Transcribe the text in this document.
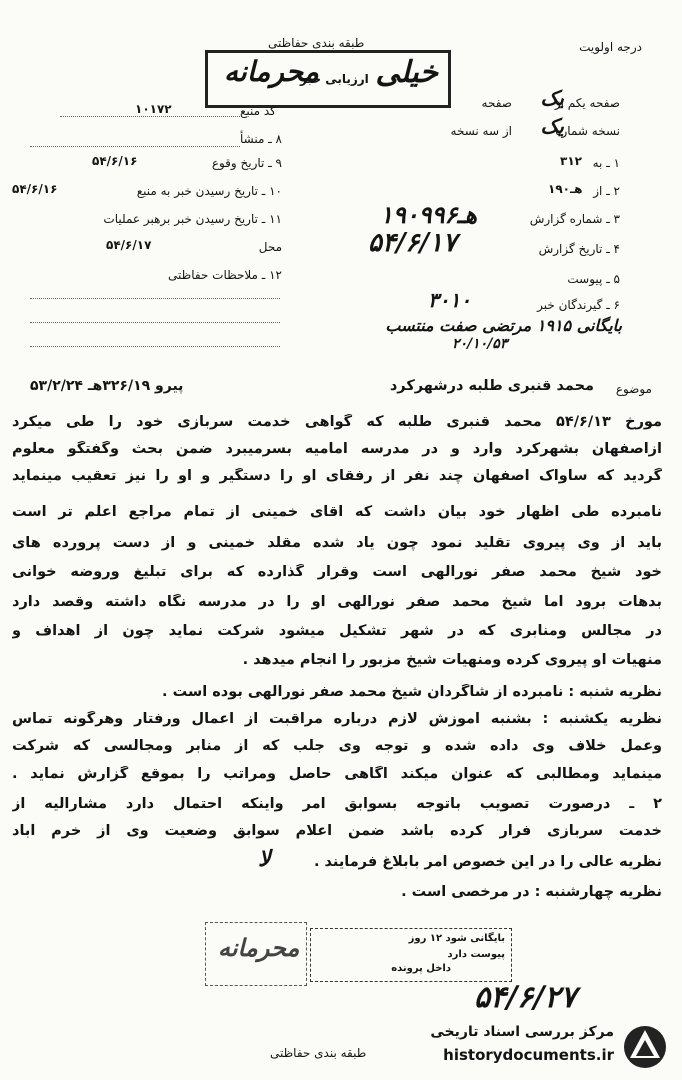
درجه اولویت
طبقه بندی حفاظتی
خیلی
محرمانه
ارزیابی خبر
کد منبع
۱۰۱۷۲	صفحه یکم از
یک
صفحه
نسخه شماره
یک
از سه نسخه
۱ ـ به
۳۱۲
۲ ـ از
۱۹۰هـ
۳ ـ شماره گزارش
۱۹۰هـ۹۹۶
۴ ـ تاریخ گزارش
۵۴/۶/۱۷
۵ ـ پیوست
۶ ـ گیرندگان خبر
۳۰۱۰
۸ ـ منشأ
۹ ـ تاریخ وقوع
۵۴/۶/۱۶
۱۰ ـ تاریخ رسیدن خبر به منبع
۵۴/۶/۱۶
۱۱ ـ تاریخ رسیدن خبر برهبر عملیات
محل
۵۴/۶/۱۷
۱۲ ـ ملاحظات حفاظتی
بایگانی ۱۹۱۵ مرتضی صفت منتسب
۲۰/۱۰/۵۳
موضوع
محمد قنبری طلبه درشهرکرد
پیرو ۳۲۶/۱۹هـ ۵۳/۲/۲۴
مورخ ۵۴/۶/۱۳ محمد قنبری طلبه که گواهی خدمت سربازی خود را طی میکرد
ازاصفهان بشهرکرد وارد و در مدرسه امامیه بسرمیبرد ضمن بحث وگفتگو معلوم
گردید که ساواک اصفهان چند نفر از رفقای او را دستگیر و او را نیز تعقیب مینماید
نامبرده طی اظهار خود بیان داشت که آقای خمینی از تمام مراجع اعلم تر است
باید از وی پیروی تقلید نمود چون یاد شده مقلد خمینی و از دست پرورده های
خود شیخ محمد صفر نورالهی است وقرار گذارده که برای تبلیغ وروضه خوانی
بدهات برود اما شیخ محمد صفر نورالهی او را در مدرسه نگاه داشته وقصد دارد
در مجالس ومنابری که در شهر تشکیل میشود شرکت نماید چون از اهداف و
منهیات او پیروی کرده ومنهیات شیخ مزبور را انجام میدهد .
نظریه شنبه : نامبرده از شاگردان شیخ محمد صفر نورالهی بوده است .
نظریه یکشنبه : بشنبه آموزش لازم درباره مراقبت از اعمال ورفتار وهرگونه تماس
وعمل خلاف وی داده شده و توجه وی جلب که از منابر ومجالسی که شرکت
مینماید ومطالبی که عنوان میکند آگاهی حاصل ومراتب را بموقع گزارش نماید .
۲ ـ درصورت تصویب باتوجه بسوابق امر واینکه احتمال دارد مشارالیه از
خدمت سربازی فرار کرده باشد ضمن اعلام سوابق وضعیت وی از خرم آباد
نظریه عالی را در این خصوص امر بابلاغ فرمایند .
ﻻ
نظریه چهارشنبه : در مرخصی است .
محرمانه	بایگانی شود ۱۲ روز
پیوست دارد
داخل پرونده
۵۴/۶/۲۷
طبقه بندی حفاظتی
مرکز بررسی اسناد تاریخی
historydocuments.ir
